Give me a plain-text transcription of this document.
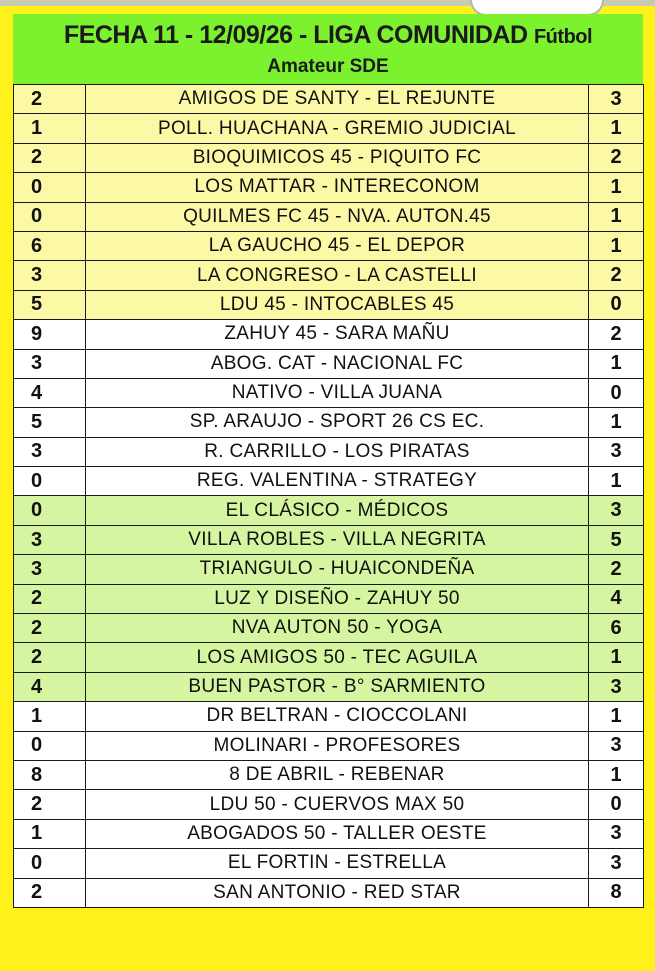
FECHA 11 - 12/09/26 - LIGA COMUNIDAD Fútbol
Amateur SDE
2	AMIGOS DE SANTY - EL REJUNTE	3
1	POLL. HUACHANA - GREMIO JUDICIAL	1
2	BIOQUIMICOS 45 - PIQUITO FC	2
0	LOS MATTAR - INTERECONOM	1
0	QUILMES FC 45 - NVA. AUTON.45	1
6	LA GAUCHO 45 - EL DEPOR	1
3	LA CONGRESO - LA CASTELLI	2
5	LDU 45 - INTOCABLES 45	0
9	ZAHUY 45 - SARA MAÑU	2
3	ABOG. CAT - NACIONAL FC	1
4	NATIVO - VILLA JUANA	0
5	SP. ARAUJO - SPORT 26 CS EC.	1
3	R. CARRILLO - LOS PIRATAS	3
0	REG. VALENTINA - STRATEGY	1
0	EL CLÁSICO - MÉDICOS	3
3	VILLA ROBLES - VILLA NEGRITA	5
3	TRIANGULO - HUAICONDEÑA	2
2	LUZ Y DISEÑO - ZAHUY 50	4
2	NVA AUTON 50 - YOGA	6
2	LOS AMIGOS 50 - TEC AGUILA	1
4	BUEN PASTOR - B° SARMIENTO	3
1	DR BELTRAN - CIOCCOLANI	1
0	MOLINARI - PROFESORES	3
8	8 DE ABRIL - REBENAR	1
2	LDU 50 - CUERVOS MAX 50	0
1	ABOGADOS 50 - TALLER OESTE	3
0	EL FORTIN - ESTRELLA	3
2	SAN ANTONIO - RED STAR	8
